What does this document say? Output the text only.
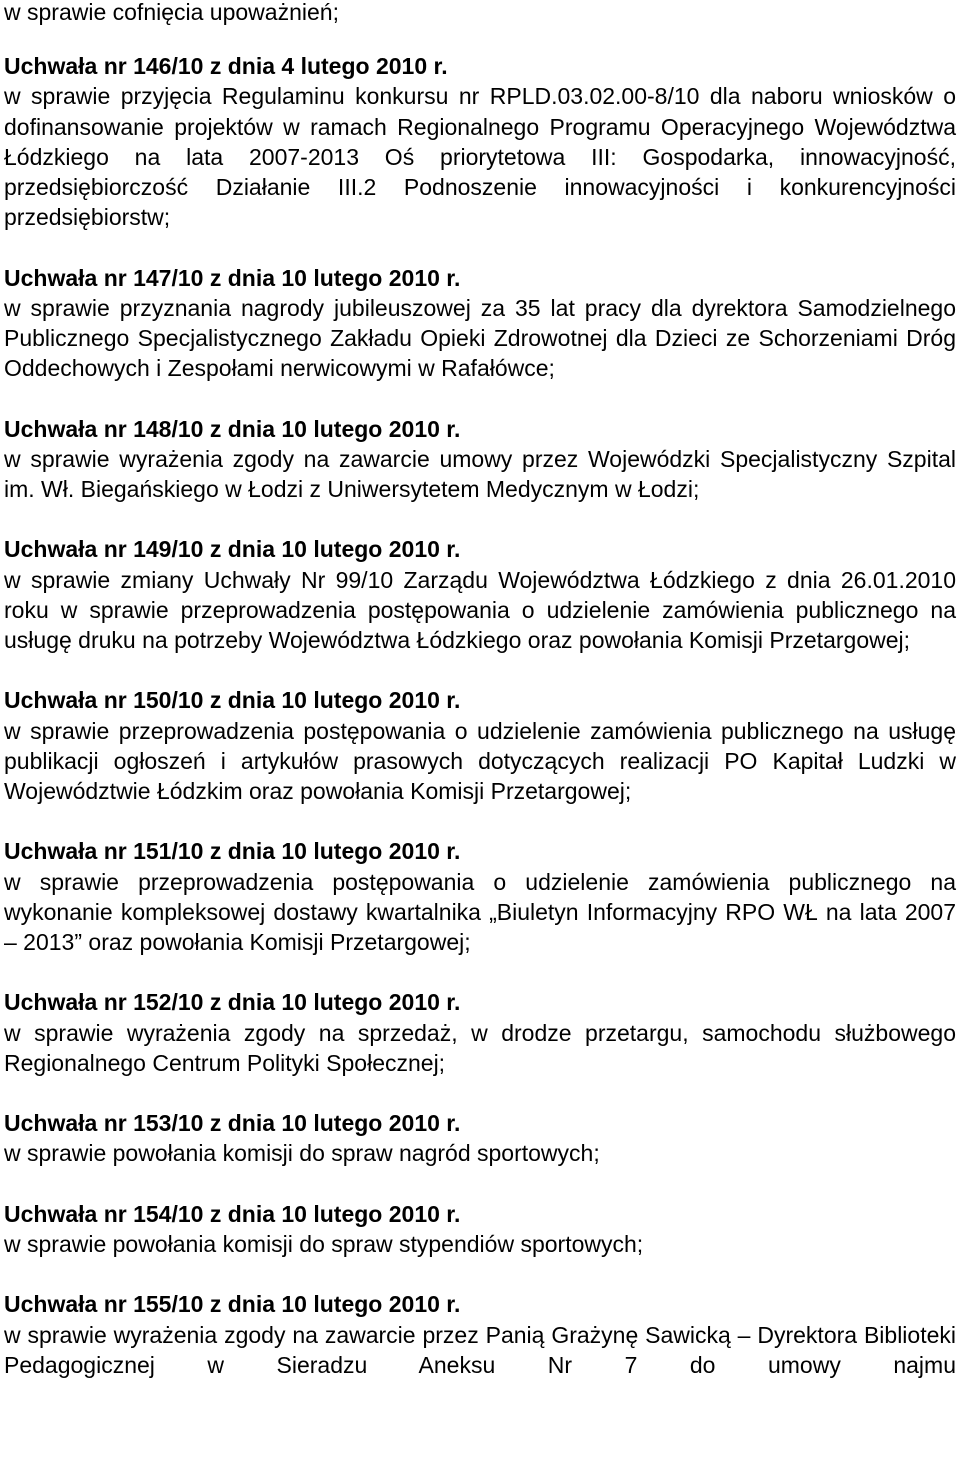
w sprawie cofnięcia upoważnień;

Uchwała nr 146/10 z dnia 4 lutego 2010 r.

w sprawie przyjęcia Regulaminu konkursu nr RPLD.03.02.00-8/10 dla naboru wniosków o dofinansowanie projektów w ramach Regionalnego Programu Operacyjnego Województwa Łódzkiego na lata 2007-2013 Oś priorytetowa III: Gospodarka, innowacyjność, przedsiębiorczość Działanie III.2 Podnoszenie innowacyjności i konkurencyjności przedsiębiorstw;

Uchwała nr 147/10 z dnia 10 lutego 2010 r.

w sprawie przyznania nagrody jubileuszowej za 35 lat pracy dla dyrektora Samodzielnego Publicznego Specjalistycznego Zakładu Opieki Zdrowotnej dla Dzieci ze Schorzeniami Dróg Oddechowych i Zespołami nerwicowymi w Rafałówce;

Uchwała nr 148/10 z dnia 10 lutego 2010 r.

w sprawie wyrażenia zgody na zawarcie umowy przez Wojewódzki Specjalistyczny Szpital im. Wł. Biegańskiego w Łodzi z Uniwersytetem Medycznym w Łodzi;

Uchwała nr 149/10 z dnia 10 lutego 2010 r.

w sprawie zmiany Uchwały Nr 99/10 Zarządu Województwa Łódzkiego z dnia 26.01.2010 roku w sprawie przeprowadzenia postępowania o udzielenie zamówienia publicznego na usługę druku na potrzeby Województwa Łódzkiego oraz powołania Komisji Przetargowej;

Uchwała nr 150/10 z dnia 10 lutego 2010 r.

w sprawie przeprowadzenia postępowania o udzielenie zamówienia publicznego na usługę publikacji ogłoszeń i artykułów prasowych dotyczących realizacji PO Kapitał Ludzki w Województwie Łódzkim oraz powołania Komisji Przetargowej;

Uchwała nr 151/10 z dnia 10 lutego 2010 r.

w sprawie przeprowadzenia postępowania o udzielenie zamówienia publicznego na wykonanie kompleksowej dostawy kwartalnika „Biuletyn Informacyjny RPO WŁ na lata 2007 – 2013” oraz powołania Komisji Przetargowej;

Uchwała nr 152/10 z dnia 10 lutego 2010 r.

w sprawie wyrażenia zgody na sprzedaż, w drodze przetargu, samochodu służbowego Regionalnego Centrum Polityki Społecznej;

Uchwała nr 153/10 z dnia 10 lutego 2010 r.

w sprawie powołania komisji do spraw nagród sportowych;

Uchwała nr 154/10 z dnia 10 lutego 2010 r.

w sprawie powołania komisji do spraw stypendiów sportowych;

Uchwała nr 155/10 z dnia 10 lutego 2010 r.

w sprawie wyrażenia zgody na zawarcie przez Panią Grażynę Sawicką – Dyrektora Biblioteki Pedagogicznej w Sieradzu Aneksu Nr 7 do umowy najmu
